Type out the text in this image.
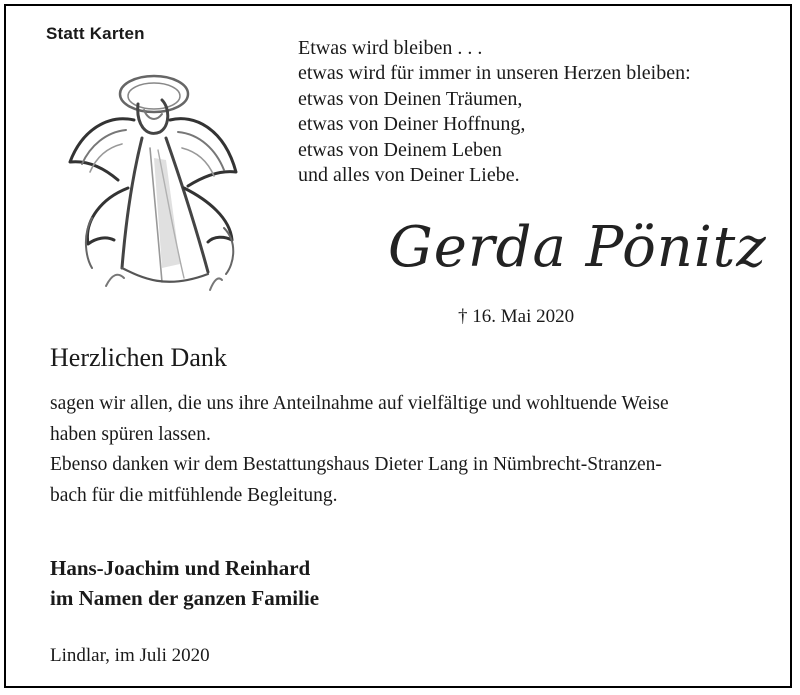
Statt Karten
Etwas wird bleiben . . .
etwas wird für immer in unseren Herzen bleiben:
etwas von Deinen Träumen,
etwas von Deiner Hoffnung,
etwas von Deinem Leben
und alles von Deiner Liebe.
Gerda Pönitz
† 16. Mai 2020
Herzlichen Dank
sagen wir allen, die uns ihre Anteilnahme auf vielfältige und wohltuende Weise
haben spüren lassen.
Ebenso danken wir dem Bestattungshaus Dieter Lang in Nümbrecht-Stranzen-
bach für die mitfühlende Begleitung.
Hans-Joachim und Reinhard
im Namen der ganzen Familie
Lindlar, im Juli 2020
